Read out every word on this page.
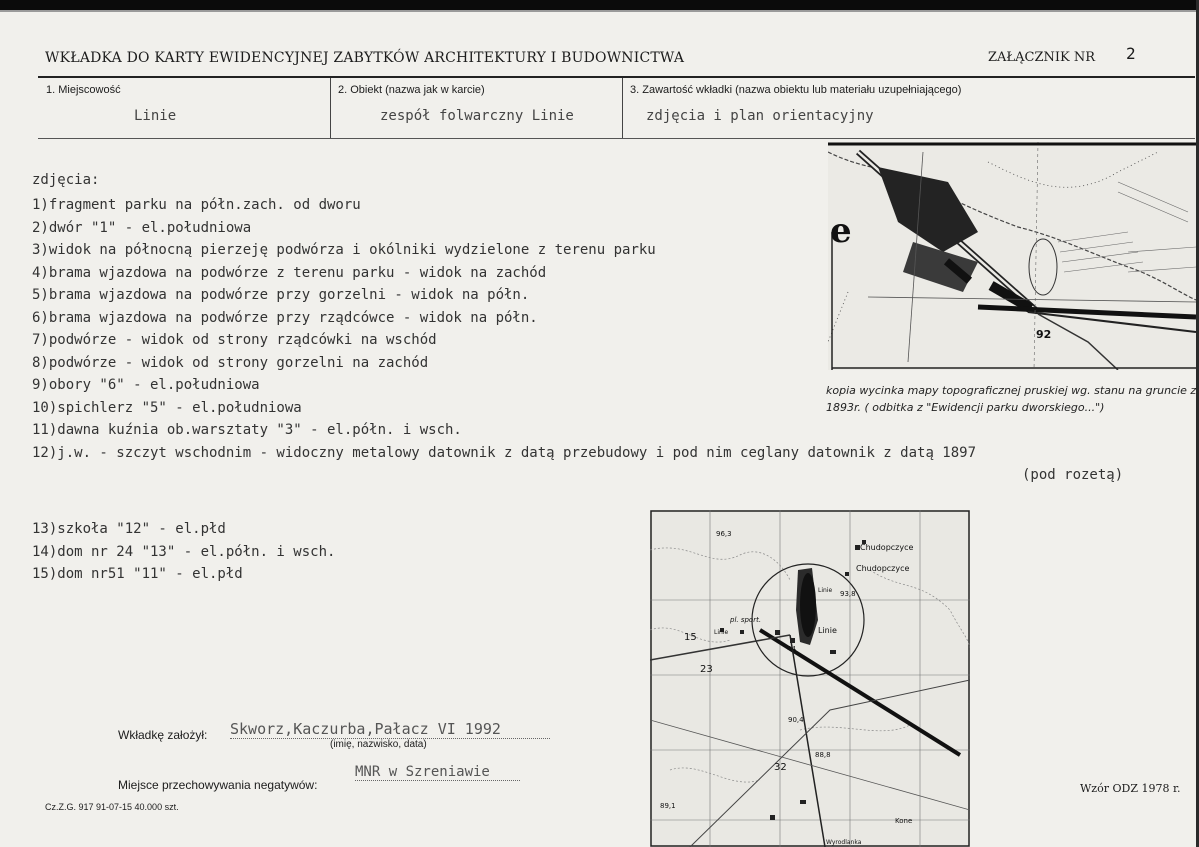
WKŁADKA DO KARTY EWIDENCYJNEJ ZABYTKÓW ARCHITEKTURY I BUDOWNICTWA	ZAŁĄCZNIK NR 2
1. Miejscowość
Linie
2. Obiekt (nazwa jak w karcie)
zespół folwarczny Linie
3. Zawartość wkładki (nazwa obiektu lub materiału uzupełniającego)
zdjęcia i plan orientacyjny
zdjęcia:
1)fragment parku na półn.zach. od dworu
2)dwór "1" - el.południowa
3)widok na północną pierzeję podwórza i okólniki wydzielone z terenu parku
4)brama wjazdowa na podwórze z terenu parku - widok na zachód
5)brama wjazdowa na podwórze przy gorzelni - widok na półn.
6)brama wjazdowa na podwórze przy rządcówce - widok na półn.
7)podwórze - widok od strony rządcówki na wschód
8)podwórze - widok od strony gorzelni na zachód
9)obory "6" - el.południowa
10)spichlerz "5" - el.południowa
11)dawna kuźnia ob.warsztaty "3" - el.półn. i wsch.
12)j.w. - szczyt wschodnim - widoczny metalowy datownik z datą przebudowy i pod nim ceglany datownik z datą 1897
(pod rozetą)
13)szkoła "12" - el.płd
14)dom nr 24 "13" - el.półn. i wsch.
15)dom nr51 "11" - el.płd
e
92
kopia wycinka mapy topograficznej pruskiej wg. stanu na gruncie z 1893r. ( odbitka z "Ewidencji parku dworskiego...")
Chudopczyce
Chudopczyce
Linie
Linie
Linie
pl. sport.
96,3
93,8
90,4
88,8
89,1
44
32
15
23
Kone
Wyrodlanka
Wkładkę założył: Skworz,Kaczurba,Pałacz VI 1992
(imię, nazwisko, data)
Miejsce przechowywania negatywów:
MNR w Szreniawie
Cz.Z.G. 917 91-07-15 40.000 szt.
Wzór ODZ 1978 r.
